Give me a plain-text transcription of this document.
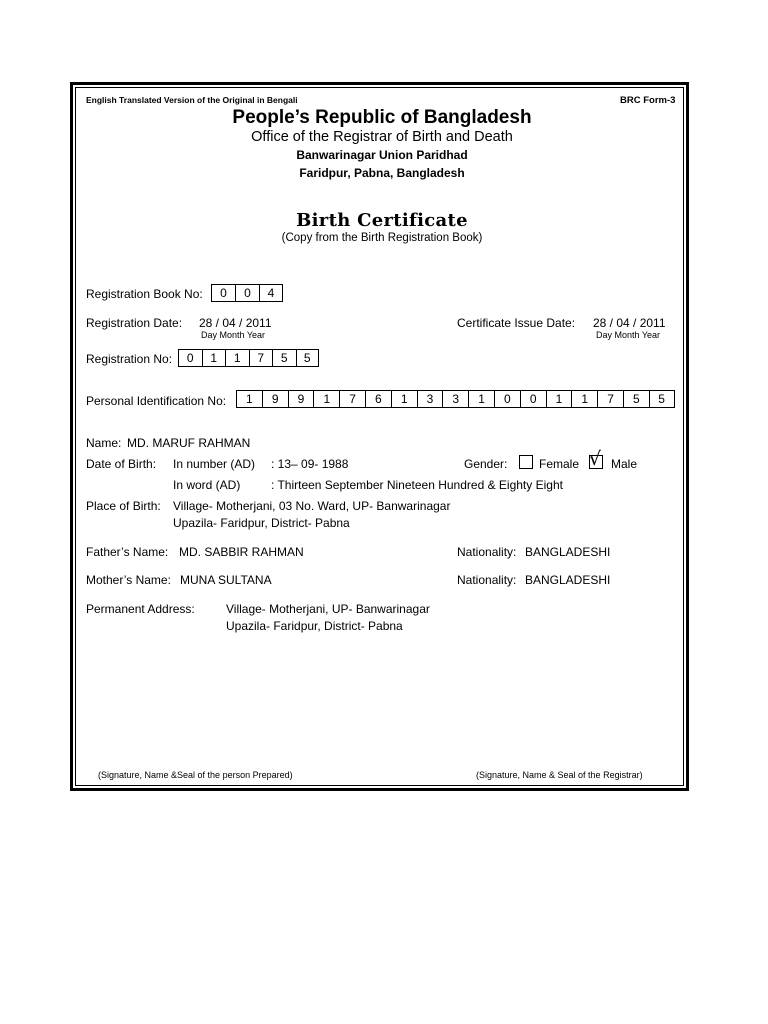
English Translated Version of the Original in Bengali	BRC Form-3
People’s Republic of Bangladesh
Office of the Registrar of Birth and Death
Banwarinagar Union Paridhad
Faridpur, Pabna, Bangladesh
Birth Certificate
(Copy from the Birth Registration Book)
Registration Book No:	0	0	4
Registration Date: 28 / 04 / 2011
Day Month Year
Certificate Issue Date: 28 / 04 / 2011
Day Month Year
Registration No:	0	1	1	7	5	5
Personal Identification No:	1	9	9	1	7	6	1	3	3	1	0	0	1	1	7	5	5
Name: MD. MARUF RAHMAN
Date of Birth: In number (AD) : 13– 09- 1988	Gender:	Female √ Male
In word (AD)	: Thirteen September Nineteen Hundred & Eighty Eight
Place of Birth: Village- Motherjani, 03 No. Ward, UP- Banwarinagar
Upazila- Faridpur, District- Pabna
Father’s Name: MD. SABBIR RAHMAN	Nationality: BANGLADESHI
Mother’s Name: MUNA SULTANA	Nationality: BANGLADESHI
Permanent Address:	Village- Motherjani, UP- Banwarinagar
Upazila- Faridpur, District- Pabna
(Signature, Name &Seal of the person Prepared)	(Signature, Name & Seal of the Registrar)
